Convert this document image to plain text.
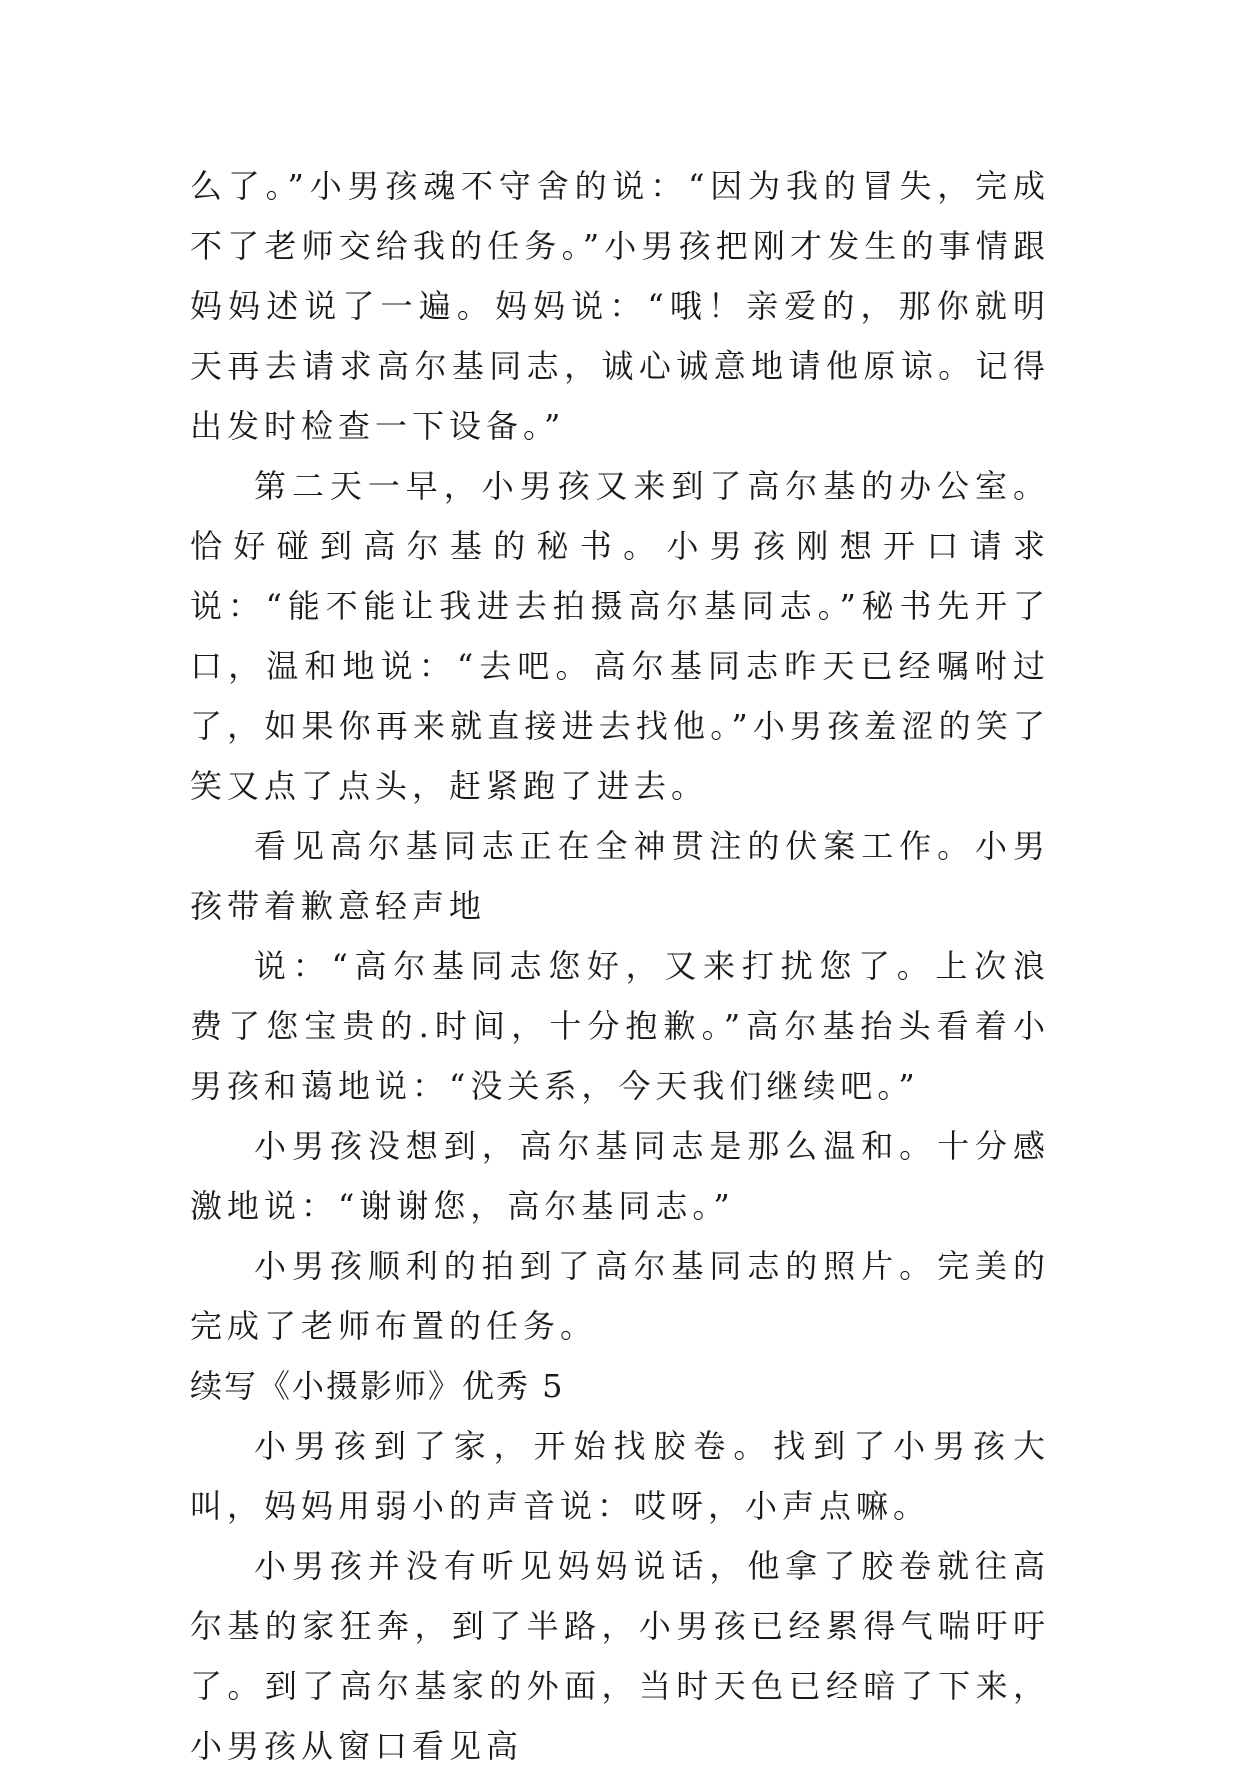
么了。”小男孩魂不守舍的说：“因为我的冒失，完成不了老师交给我的任务。”小男孩把刚才发生的事情跟妈妈述说了一遍。妈妈说：“哦！亲爱的，那你就明天再去请求高尔基同志，诚心诚意地请他原谅。记得出发时检查一下设备。”

第二天一早，小男孩又来到了高尔基的办公室。恰好碰到高尔基的秘书。小男孩刚想开口请求说：“能不能让我进去拍摄高尔基同志。”秘书先开了口，温和地说：“去吧。高尔基同志昨天已经嘱咐过了，如果你再来就直接进去找他。”小男孩羞涩的笑了笑又点了点头，赶紧跑了进去。

看见高尔基同志正在全神贯注的伏案工作。小男孩带着歉意轻声地

说：“高尔基同志您好，又来打扰您了。上次浪费了您宝贵的.时间，十分抱歉。”高尔基抬头看着小男孩和蔼地说：“没关系，今天我们继续吧。”

小男孩没想到，高尔基同志是那么温和。十分感激地说：“谢谢您，高尔基同志。”

小男孩顺利的拍到了高尔基同志的照片。完美的完成了老师布置的任务。

续写《小摄影师》优秀 5

小男孩到了家，开始找胶卷。找到了小男孩大叫，妈妈用弱小的声音说：哎呀，小声点嘛。

小男孩并没有听见妈妈说话，他拿了胶卷就往高尔基的家狂奔，到了半路，小男孩已经累得气喘吁吁了。到了高尔基家的外面，当时天色已经暗了下来，小男孩从窗口看见高
